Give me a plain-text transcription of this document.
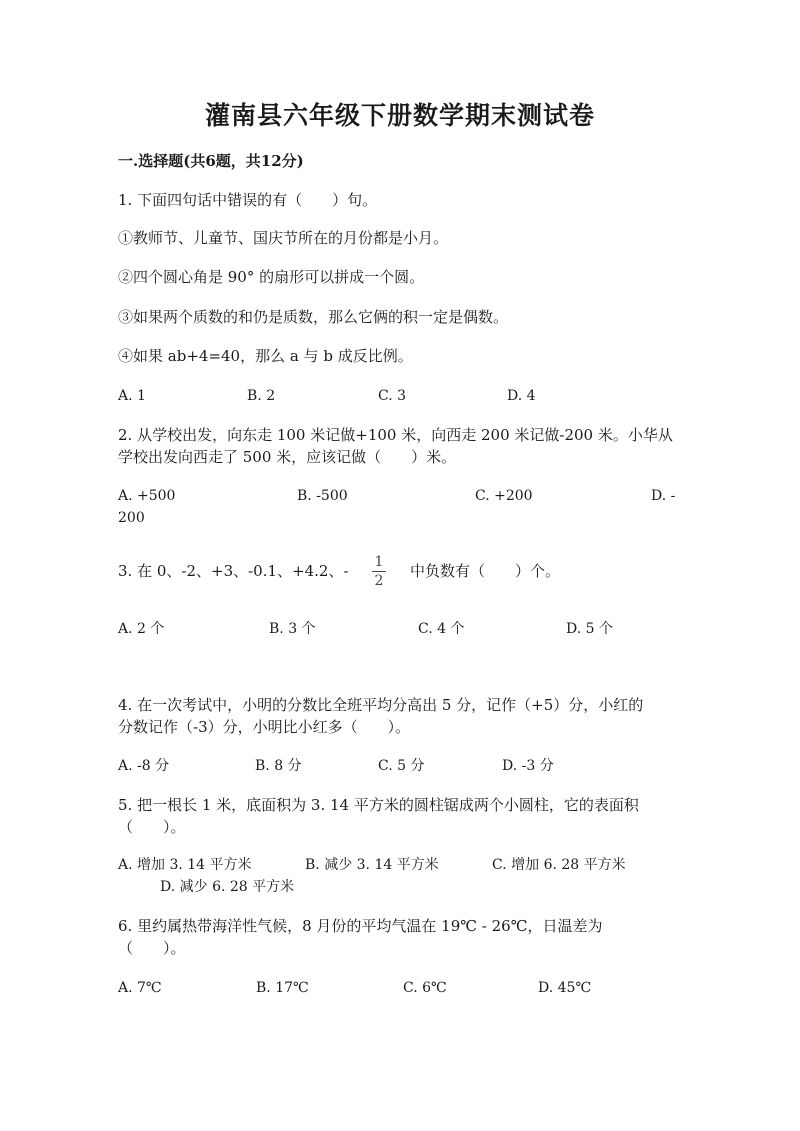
灌南县六年级下册数学期末测试卷
一.选择题(共6题，共12分)
1. 下面四句话中错误的有（　　）句。
①教师节、儿童节、国庆节所在的月份都是小月。
②四个圆心角是 90° 的扇形可以拼成一个圆。
③如果两个质数的和仍是质数，那么它俩的积一定是偶数。
④如果 ab+4=40，那么 a 与 b 成反比例。
A. 1	B. 2	C. 3	D. 4
2. 从学校出发，向东走 100 米记做+100 米，向西走 200 米记做-200 米。小华从
学校出发向西走了 500 米，应该记做（　　）米。
A. +500	B. -500	C. +200	D. -
200
3. 在 0、-2、+3、-0.1、+4.2、- 1
2
中负数有（　　）个。
A. 2 个	B. 3 个	C. 4 个	D. 5 个
4. 在一次考试中，小明的分数比全班平均分高出 5 分，记作（+5）分，小红的
分数记作（-3）分，小明比小红多（　　）。
A. -8 分	B. 8 分	C. 5 分	D. -3 分
5. 把一根长 1 米，底面积为 3. 14 平方米的圆柱锯成两个小圆柱，它的表面积
（　　）。
A. 增加 3. 14 平方米	B. 减少 3. 14 平方米	C. 增加 6. 28 平方米
D. 减少 6. 28 平方米
6. 里约属热带海洋性气候，8 月份的平均气温在 19℃ - 26℃，日温差为
（　　）。
A. 7℃	B. 17℃	C. 6℃	D. 45℃
